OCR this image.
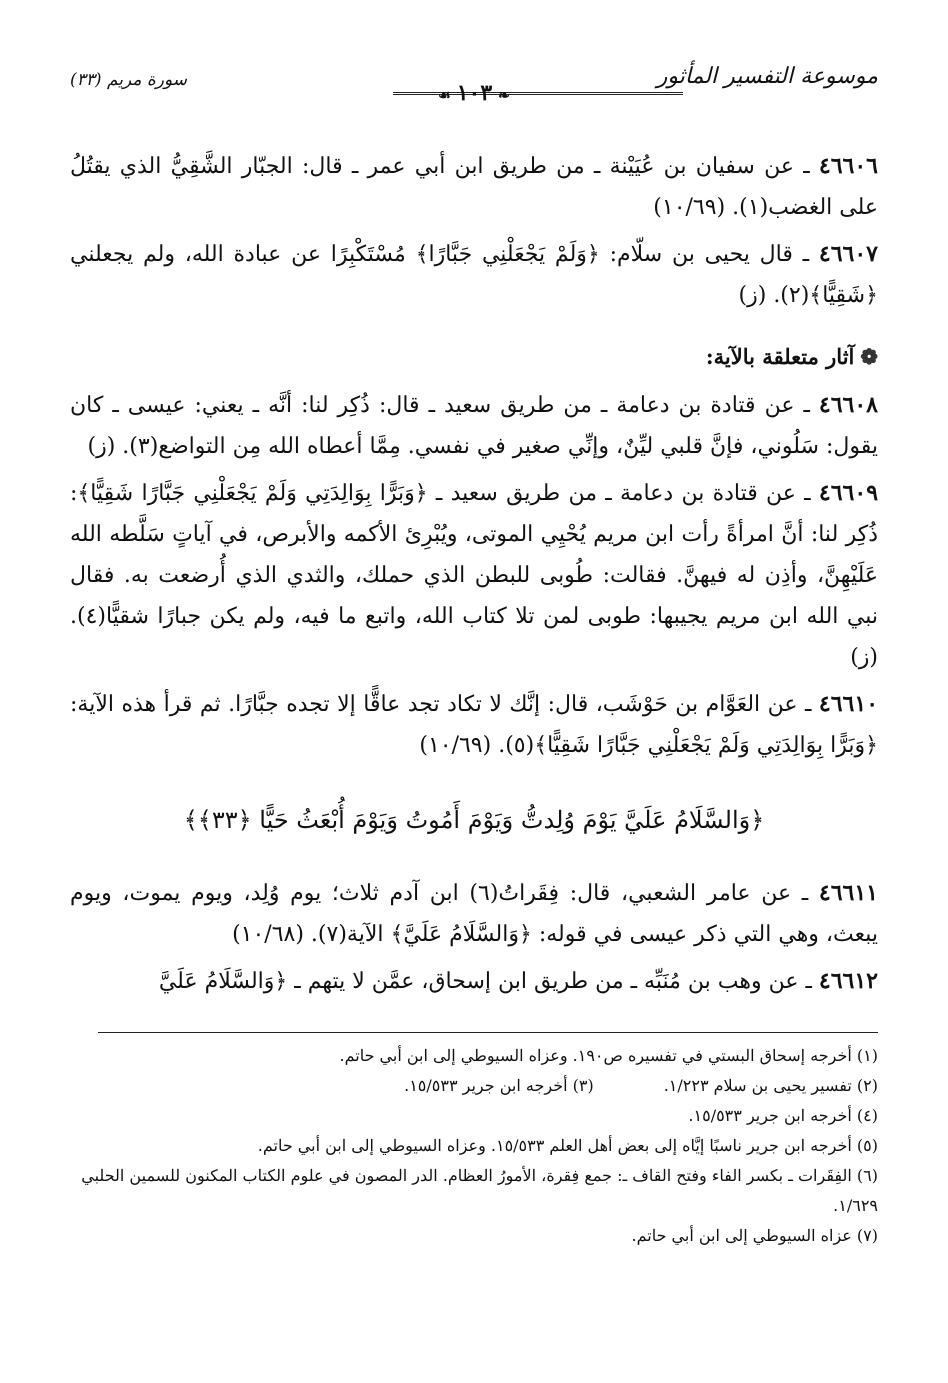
موسوعة التفسير المأثور
سورة مريم (٣٣)
❧١٠٣☙

٤٦٦٠٦ ـ عن سفيان بن عُيَيْنة ـ من طريق ابن أبي عمر ـ قال: الجبّار الشَّقِيُّ الذي يقتُلُ على الغضب(١). (١٠/٦٩)

٤٦٦٠٧ ـ قال يحيى بن سلّام: ﴿وَلَمْ يَجْعَلْنِي جَبَّارًا﴾ مُسْتَكْبِرًا عن عبادة الله، ولم يجعلني ﴿شَقِيًّا﴾(٢). (ز)

❁آثار متعلقة بالآية:

٤٦٦٠٨ ـ عن قتادة بن دعامة ـ من طريق سعيد ـ قال: ذُكِر لنا: أنَّه ـ يعني: عيسى ـ كان يقول: سَلُوني، فإنَّ قلبي ليِّنٌ، وإنِّي صغير في نفسي. مِمَّا أعطاه الله مِن التواضع(٣). (ز)

٤٦٦٠٩ ـ عن قتادة بن دعامة ـ من طريق سعيد ـ ﴿وَبَرًّا بِوَالِدَتِي وَلَمْ يَجْعَلْنِي جَبَّارًا شَقِيًّا﴾: ذُكِر لنا: أنَّ امرأةً رأت ابن مريم يُحْيِي الموتى، ويُبْرِئ الأكمه والأبرص، في آياتٍ سَلَّطه الله عَلَيْهِنَّ، وأذِن له فيهنَّ. فقالت: طُوبى للبطن الذي حملك، والثدي الذي أُرضعت به. فقال نبي الله ابن مريم يجيبها: طوبى لمن تلا كتاب الله، واتبع ما فيه، ولم يكن جبارًا شقيًّا(٤). (ز)

٤٦٦١٠ ـ عن العَوَّام بن حَوْشَب، قال: إنَّك لا تكاد تجد عاقًّا إلا تجده جبَّارًا. ثم قرأ هذه الآية: ﴿وَبَرًّا بِوَالِدَتِي وَلَمْ يَجْعَلْنِي جَبَّارًا شَقِيًّا﴾(٥). (١٠/٦٩)

﴿وَالسَّلَامُ عَلَيَّ يَوْمَ وُلِدتُّ وَيَوْمَ أَمُوتُ وَيَوْمَ أُبْعَثُ حَيًّا ﴿٣٣﴾﴾

٤٦٦١١ ـ عن عامر الشعبي، قال: فِقَراتُ(٦) ابن آدم ثلاث؛ يوم وُلِد، ويوم يموت، ويوم يبعث، وهي التي ذكر عيسى في قوله: ﴿وَالسَّلَامُ عَلَيَّ﴾ الآية(٧). (١٠/٦٨)

٤٦٦١٢ ـ عن وهب بن مُنَبِّه ـ من طريق ابن إسحاق، عمَّن لا يتهم ـ ﴿وَالسَّلَامُ عَلَيَّ

(١) أخرجه إسحاق البستي في تفسيره ص١٩٠. وعزاه السيوطي إلى ابن أبي حاتم.
(٢) تفسير يحيى بن سلام ١/٢٢٣.
(٣) أخرجه ابن جرير ١٥/٥٣٣.
(٤) أخرجه ابن جرير ١٥/٥٣٣.
(٥) أخرجه ابن جرير ناسبًا إيَّاه إلى بعض أهل العلم ١٥/٥٣٣. وعزاه السيوطي إلى ابن أبي حاتم.
(٦) الفِقَرات ـ بكسر الفاء وفتح القاف ـ: جمع فِقرة، الأمورُ العظام. الدر المصون في علوم الكتاب المكنون للسمين الحلبي ١/٦٢٩.
(٧) عزاه السيوطي إلى ابن أبي حاتم.
